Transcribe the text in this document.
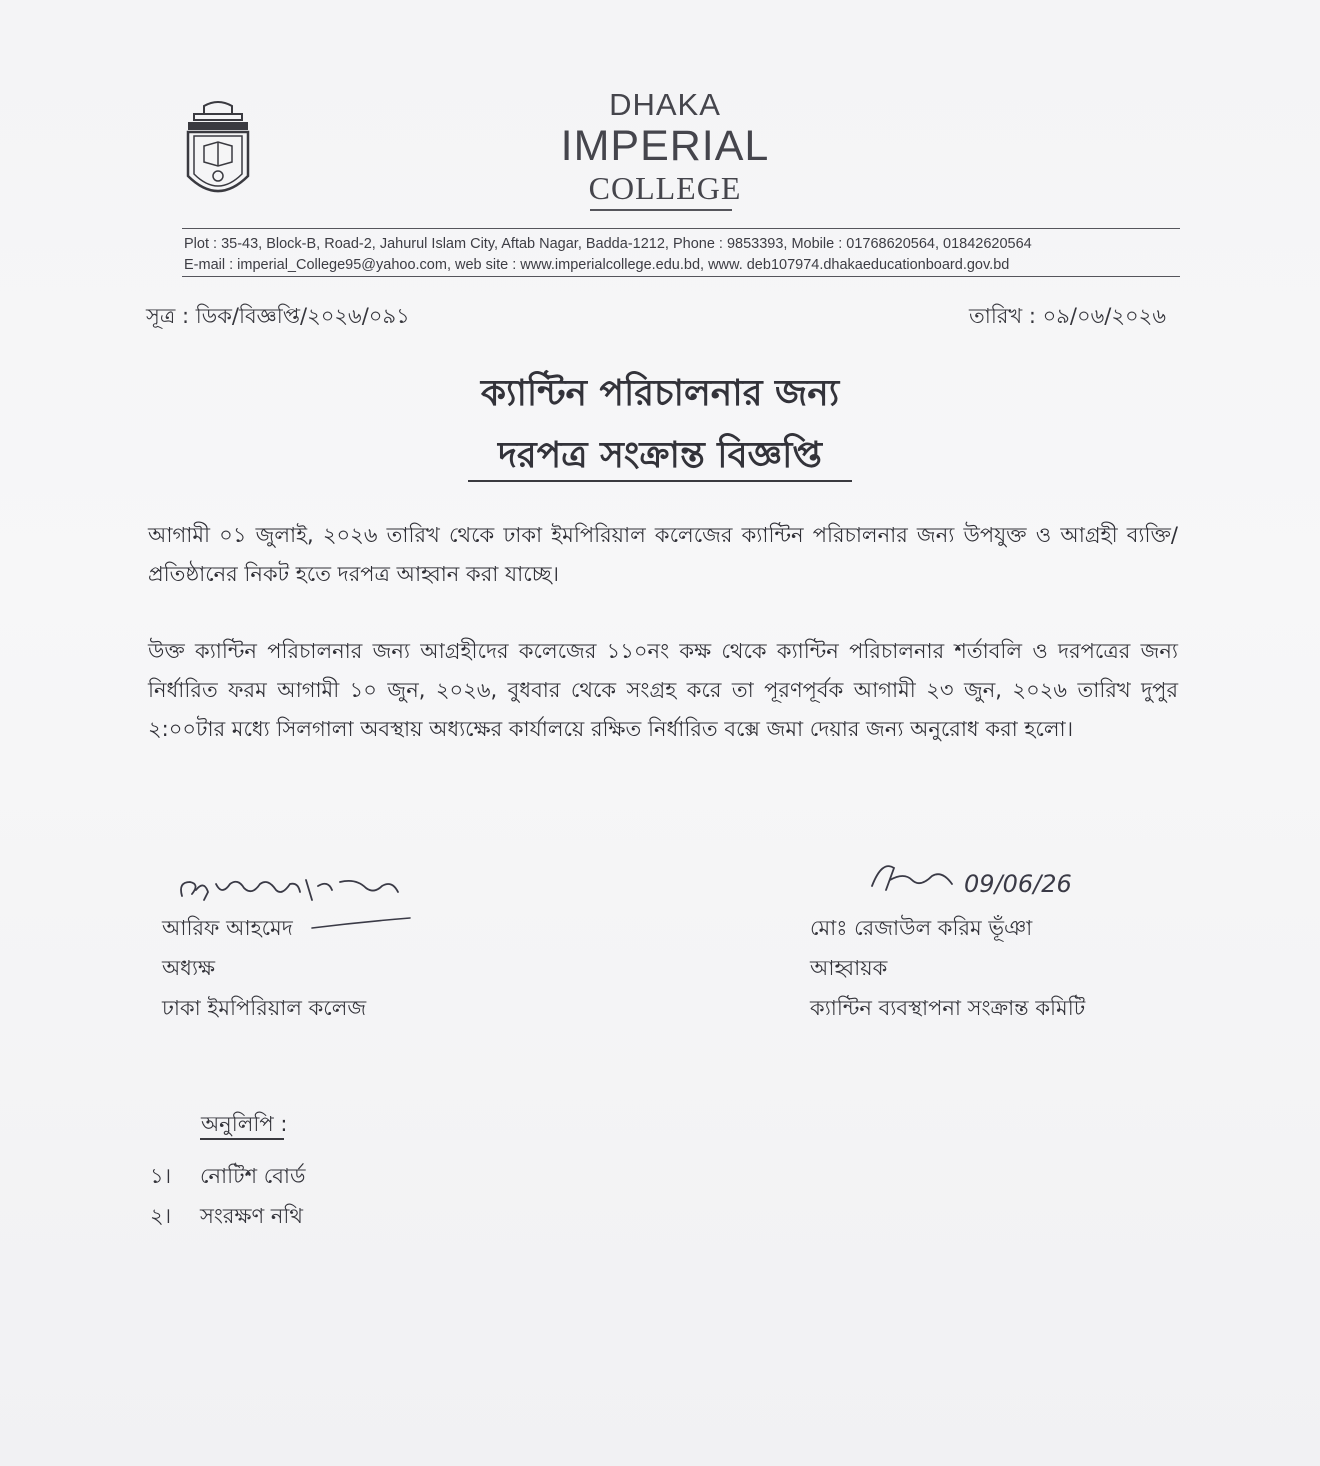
DHAKA
IMPERIAL
COLLEGE
Plot : 35-43, Block-B, Road-2, Jahurul Islam City, Aftab Nagar, Badda-1212, Phone : 9853393, Mobile : 01768620564, 01842620564
E-mail : imperial_College95@yahoo.com, web site : www.imperialcollege.edu.bd, www. deb107974.dhakaeducationboard.gov.bd
সূত্র : ডিক/বিজ্ঞপ্তি/২০২৬/০৯১	তারিখ : ০৯/০৬/২০২৬
ক্যান্টিন পরিচালনার জন্য
দরপত্র সংক্রান্ত বিজ্ঞপ্তি
আগামী ০১ জুলাই, ২০২৬ তারিখ থেকে ঢাকা ইমপিরিয়াল কলেজের ক্যান্টিন পরিচালনার জন্য উপযুক্ত ও আগ্রহী ব্যক্তি/প্রতিষ্ঠানের নিকট হতে দরপত্র আহ্বান করা যাচ্ছে।
উক্ত ক্যান্টিন পরিচালনার জন্য আগ্রহীদের কলেজের ১১০নং কক্ষ থেকে ক্যান্টিন পরিচালনার শর্তাবলি ও দরপত্রের জন্য নির্ধারিত ফরম আগামী ১০ জুন, ২০২৬, বুধবার থেকে সংগ্রহ করে তা পূরণপূর্বক আগামী ২৩ জুন, ২০২৬ তারিখ দুপুর ২:০০টার মধ্যে সিলগালা অবস্থায় অধ্যক্ষের কার্যালয়ে রক্ষিত নির্ধারিত বক্সে জমা দেয়ার জন্য অনুরোধ করা হলো।
আরিফ আহমেদ
অধ্যক্ষ
ঢাকা ইমপিরিয়াল কলেজ
09/06/26
মোঃ রেজাউল করিম ভূঁঞা
আহ্বায়ক
ক্যান্টিন ব্যবস্থাপনা সংক্রান্ত কমিটি
অনুলিপি :
১। নোটিশ বোর্ড
২। সংরক্ষণ নথি
